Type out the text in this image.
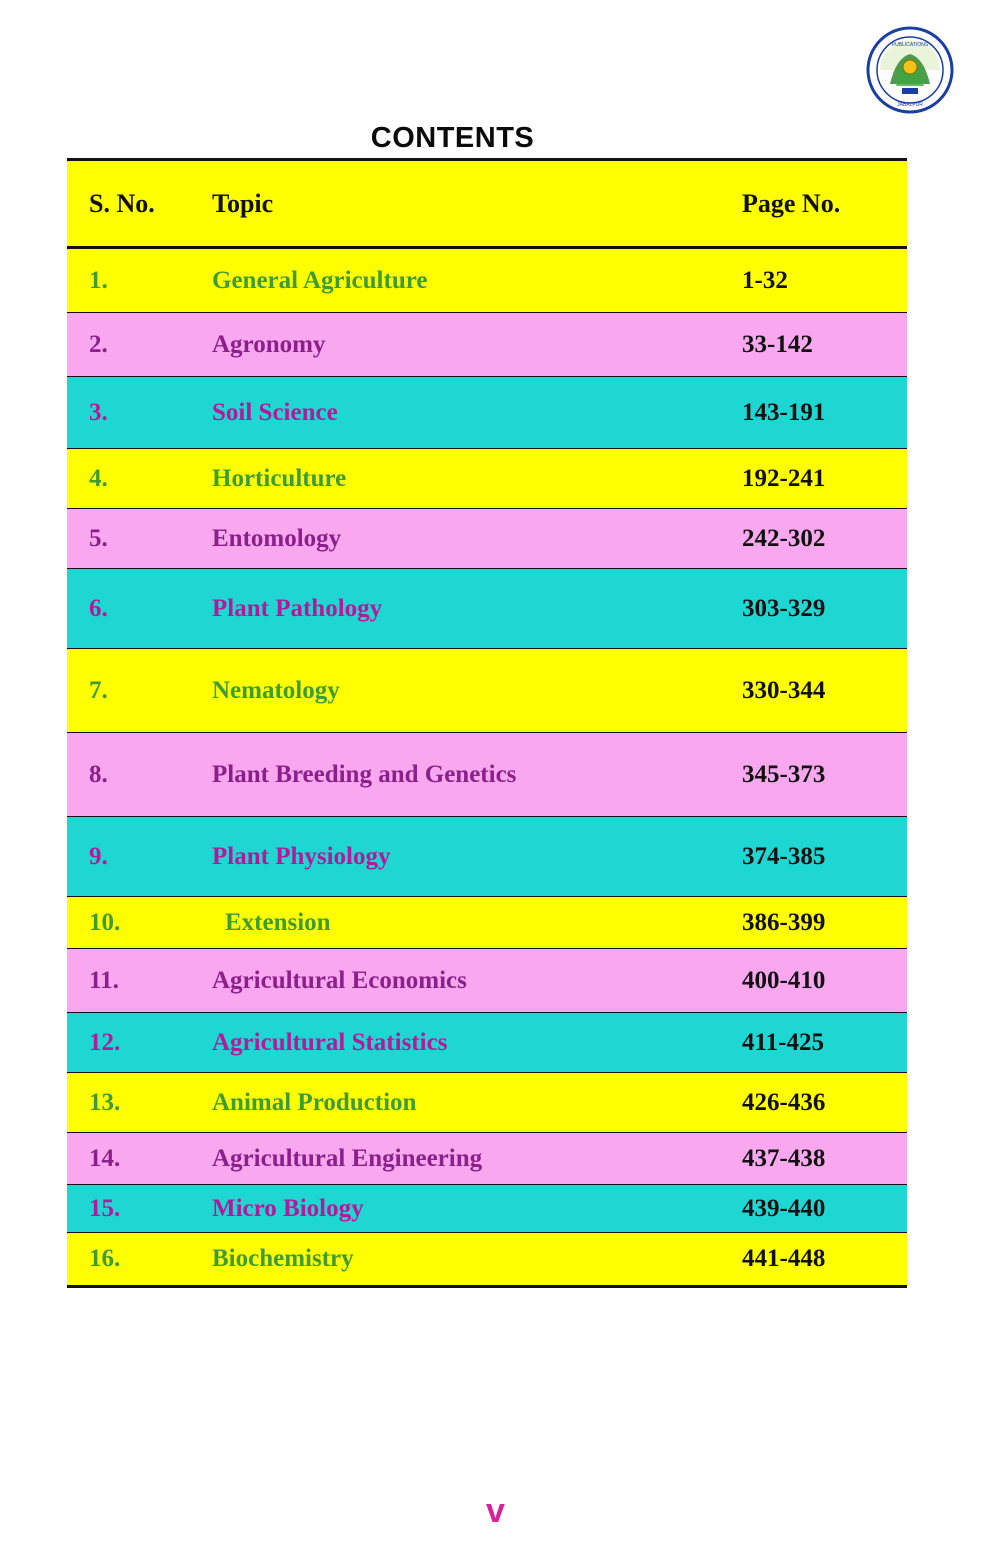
PUBLICATIONS
JABALPUR
CONTENTS
S. No.	Topic	Page No.
1.	General Agriculture	1-32
2.	Agronomy	33-142
3.	Soil Science	143-191
4.	Horticulture	192-241
5.	Entomology	242-302
6.	Plant Pathology	303-329
7.	Nematology	330-344
8.	Plant Breeding and Genetics	345-373
9.	Plant Physiology	374-385
10.	Extension	386-399
11.	Agricultural Economics	400-410
12.	Agricultural Statistics	411-425
13.	Animal Production	426-436
14.	Agricultural Engineering	437-438
15.	Micro Biology	439-440
16.	Biochemistry	441-448
v
